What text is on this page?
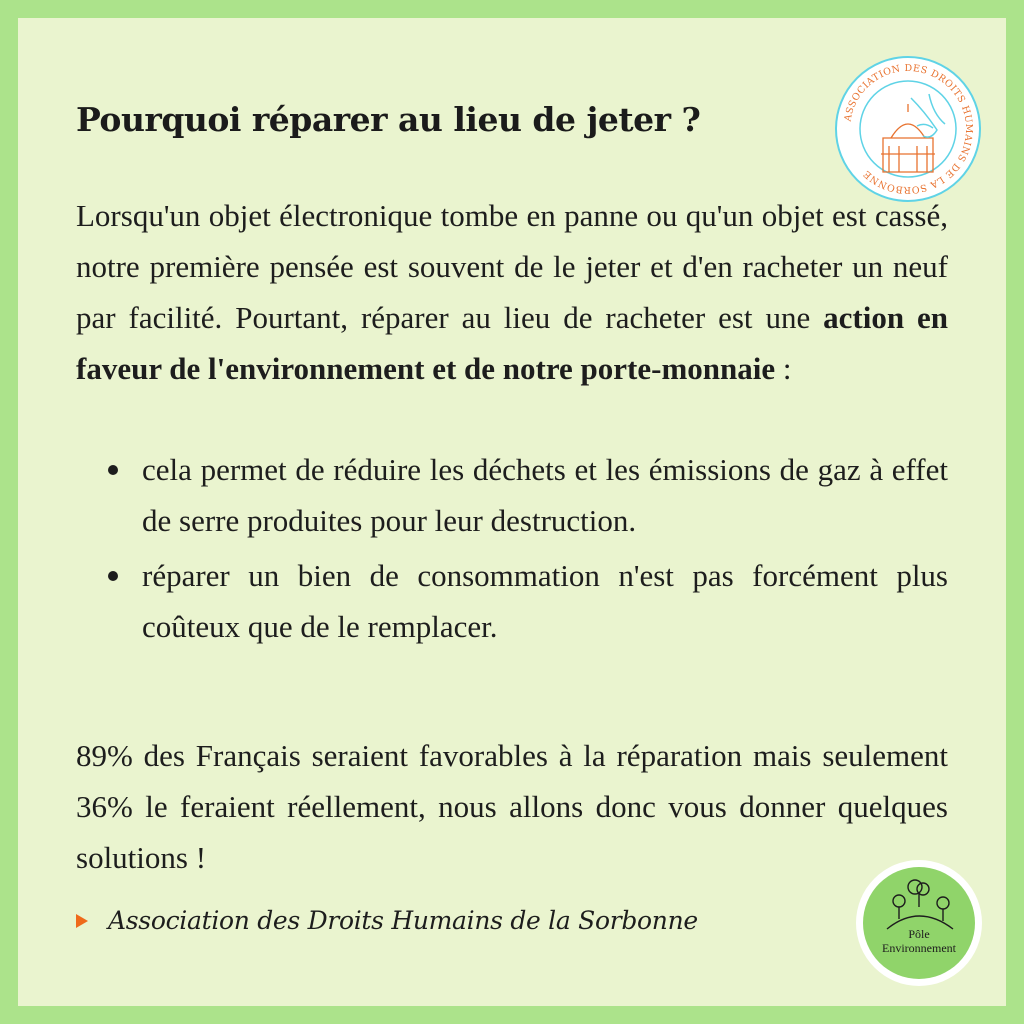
Pourquoi réparer au lieu de jeter ?	ASSOCIATION DES DROITS HUMAINS DE LA SORBONNE

Lorsqu'un objet électronique tombe en panne ou qu'un objet est cassé, notre première pensée est souvent de le jeter et d'en racheter un neuf par facilité. Pourtant, réparer au lieu de racheter est une action en faveur de l'environnement et de notre porte-monnaie :

cela permet de réduire les déchets et les émissions de gaz à effet de serre produites pour leur destruction.
réparer un bien de consommation n'est pas forcément plus coûteux que de le remplacer.

89% des Français seraient favorables à la réparation mais seulement 36% le feraient réellement, nous allons donc vous donner quelques solutions !

Association des Droits Humains de la Sorbonne	Pôle
Environnement
